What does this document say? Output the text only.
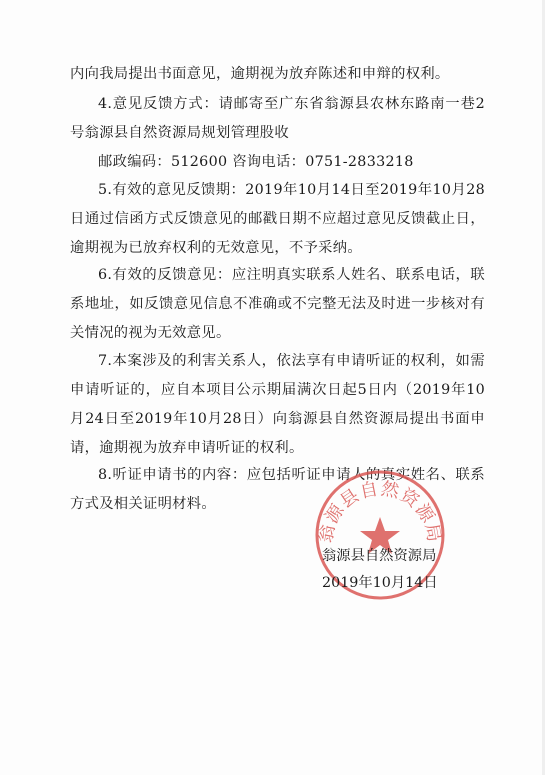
内向我局提出书面意见，逾期视为放弃陈述和申辩的权利。

4.意见反馈方式：请邮寄至广东省翁源县农林东路南一巷2号翁源县自然资源局规划管理股收

邮政编码：512600 咨询电话：0751-2833218

5.有效的意见反馈期：2019年10月14日至2019年10月28日通过信函方式反馈意见的邮戳日期不应超过意见反馈截止日，逾期视为已放弃权利的无效意见，不予采纳。

6.有效的反馈意见：应注明真实联系人姓名、联系电话，联系地址，如反馈意见信息不准确或不完整无法及时进一步核对有关情况的视为无效意见。

7.本案涉及的利害关系人，依法享有申请听证的权利，如需申请听证的，应自本项目公示期届满次日起5日内（2019年10月24日至2019年10月28日）向翁源县自然资源局提出书面申请，逾期视为放弃申请听证的权利。

8.听证申请书的内容：应包括听证申请人的真实姓名、联系方式及相关证明材料。

翁源县自然资源局
翁源县自然资源局
2019年10月14日
